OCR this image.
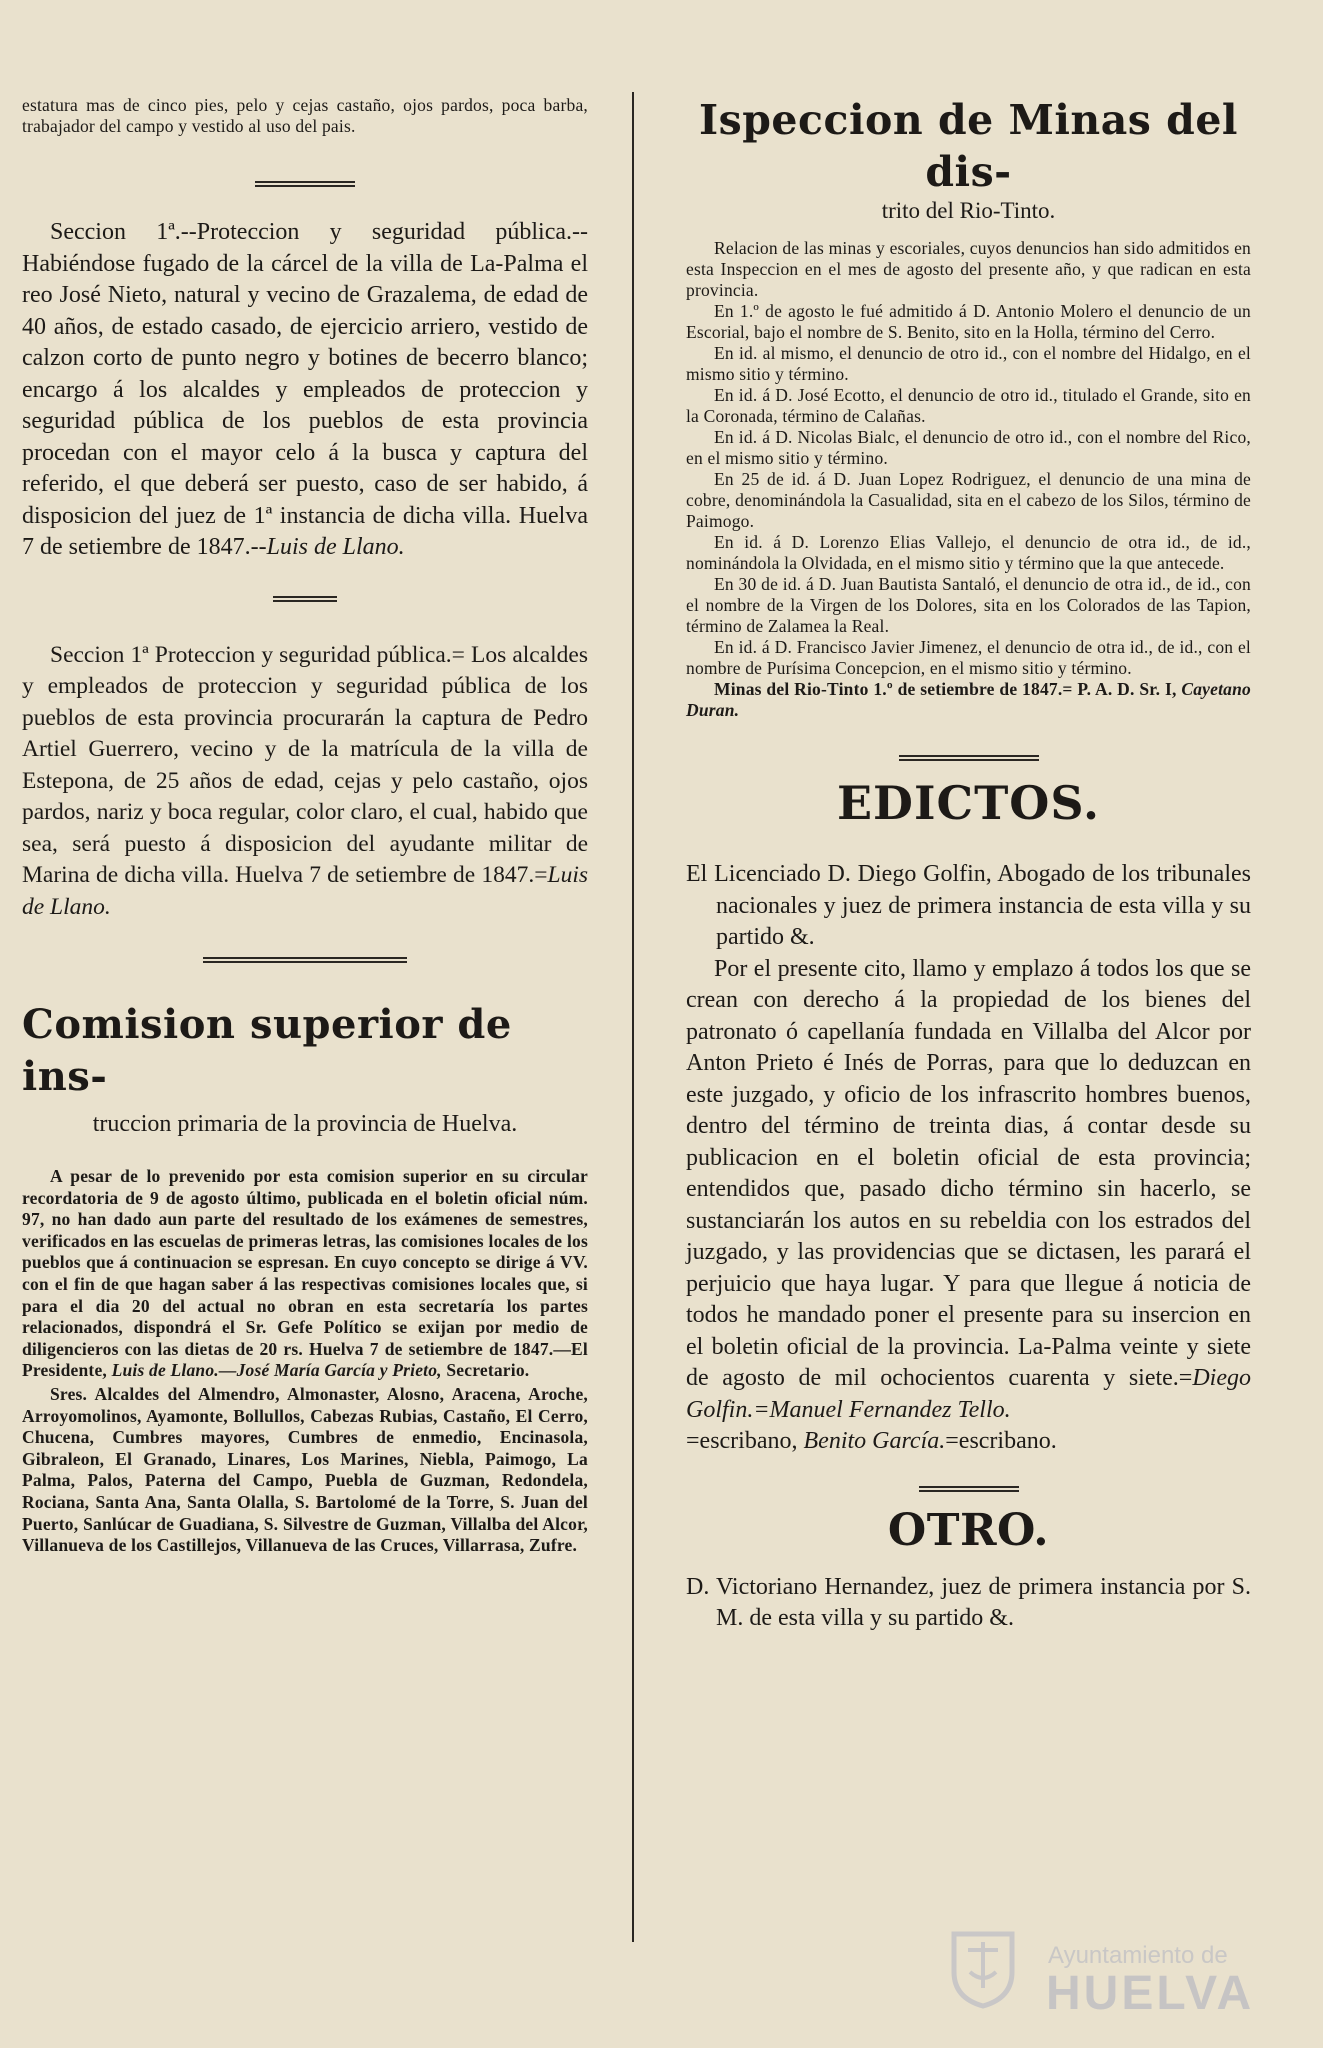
estatura mas de cinco pies, pelo y cejas castaño, ojos pardos, poca barba, trabajador del campo y vestido al uso del pais.

Seccion 1ª.--Proteccion y seguridad pública.-- Habiéndose fugado de la cárcel de la villa de La-Palma el reo José Nieto, natural y vecino de Grazalema, de edad de 40 años, de estado casado, de ejercicio arriero, vestido de calzon corto de punto negro y botines de becerro blanco; encargo á los alcaldes y empleados de proteccion y seguridad pública de los pueblos de esta provincia procedan con el mayor celo á la busca y captura del referido, el que deberá ser puesto, caso de ser habido, á disposicion del juez de 1ª instancia de dicha villa. Huelva 7 de setiembre de 1847.--Luis de Llano.

Seccion 1ª Proteccion y seguridad pública.= Los alcaldes y empleados de proteccion y seguridad pública de los pueblos de esta provincia procurarán la captura de Pedro Artiel Guerrero, vecino y de la matrícula de la villa de Estepona, de 25 años de edad, cejas y pelo castaño, ojos pardos, nariz y boca regular, color claro, el cual, habido que sea, será puesto á disposicion del ayudante militar de Marina de dicha villa. Huelva 7 de setiembre de 1847.=Luis de Llano.

Comision superior de ins-

truccion primaria de la provincia de Huelva.

A pesar de lo prevenido por esta comision superior en su circular recordatoria de 9 de agosto último, publicada en el boletin oficial núm. 97, no han dado aun parte del resultado de los exámenes de semestres, verificados en las escuelas de primeras letras, las comisiones locales de los pueblos que á continuacion se espresan. En cuyo concepto se dirige á VV. con el fin de que hagan saber á las respectivas comisiones locales que, si para el dia 20 del actual no obran en esta secretaría los partes relacionados, dispondrá el Sr. Gefe Político se exijan por medio de diligencieros con las dietas de 20 rs. Huelva 7 de setiembre de 1847.—El Presidente, Luis de Llano.—José María García y Prieto, Secretario.

Sres. Alcaldes del Almendro, Almonaster, Alosno, Aracena, Aroche, Arroyomolinos, Ayamonte, Bollullos, Cabezas Rubias, Castaño, El Cerro, Chucena, Cumbres mayores, Cumbres de enmedio, Encinasola, Gibraleon, El Granado, Linares, Los Marines, Niebla, Paimogo, La Palma, Palos, Paterna del Campo, Puebla de Guzman, Redondela, Rociana, Santa Ana, Santa Olalla, S. Bartolomé de la Torre, S. Juan del Puerto, Sanlúcar de Guadiana, S. Silvestre de Guzman, Villalba del Alcor, Villanueva de los Castillejos, Villanueva de las Cruces, Villarrasa, Zufre.

Ispeccion de Minas del dis-

trito del Rio-Tinto.

Relacion de las minas y escoriales, cuyos denuncios han sido admitidos en esta Inspeccion en el mes de agosto del presente año, y que radican en esta provincia.

En 1.º de agosto le fué admitido á D. Antonio Molero el denuncio de un Escorial, bajo el nombre de S. Benito, sito en la Holla, término del Cerro.

En id. al mismo, el denuncio de otro id., con el nombre del Hidalgo, en el mismo sitio y término.

En id. á D. José Ecotto, el denuncio de otro id., titulado el Grande, sito en la Coronada, término de Calañas.

En id. á D. Nicolas Bialc, el denuncio de otro id., con el nombre del Rico, en el mismo sitio y término.

En 25 de id. á D. Juan Lopez Rodriguez, el denuncio de una mina de cobre, denominándola la Casualidad, sita en el cabezo de los Silos, término de Paimogo.

En id. á D. Lorenzo Elias Vallejo, el denuncio de otra id., de id., nominándola la Olvidada, en el mismo sitio y término que la que antecede.

En 30 de id. á D. Juan Bautista Santaló, el denuncio de otra id., de id., con el nombre de la Virgen de los Dolores, sita en los Colorados de las Tapion, término de Zalamea la Real.

En id. á D. Francisco Javier Jimenez, el denuncio de otra id., de id., con el nombre de Purísima Concepcion, en el mismo sitio y término.

Minas del Rio-Tinto 1.º de setiembre de 1847.= P. A. D. Sr. I, Cayetano Duran.

EDICTOS.

El Licenciado D. Diego Golfin, Abogado de los tribunales nacionales y juez de primera instancia de esta villa y su partido &.

Por el presente cito, llamo y emplazo á todos los que se crean con derecho á la propiedad de los bienes del patronato ó capellanía fundada en Villalba del Alcor por Anton Prieto é Inés de Porras, para que lo deduzcan en este juzgado, y oficio de los infrascrito hombres buenos, dentro del término de treinta dias, á contar desde su publicacion en el boletin oficial de esta provincia; entendidos que, pasado dicho término sin hacerlo, se sustanciarán los autos en su rebeldia con los estrados del juzgado, y las providencias que se dictasen, les parará el perjuicio que haya lugar. Y para que llegue á noticia de todos he mandado poner el presente para su insercion en el boletin oficial de la provincia. La-Palma veinte y siete de agosto de mil ochocientos cuarenta y siete.=Diego Golfin.=Manuel Fernandez Tello.
=escribano, Benito García.=escribano.

OTRO.

D. Victoriano Hernandez, juez de primera instancia por S. M. de esta villa y su partido &.

Ayuntamiento de
HUELVA
